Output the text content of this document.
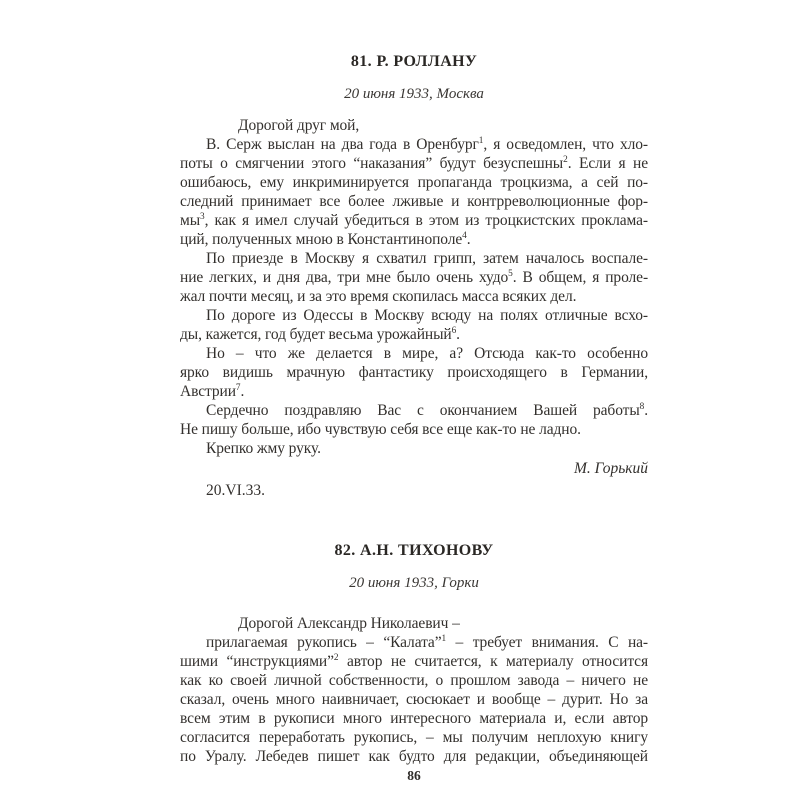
81. Р. РОЛЛАНУ
20 июня 1933, Москва
Дорогой друг мой,
В. Серж выслан на два года в Оренбург$^1$, я осведомлен, что хло-
поты о смягчении этого “наказания” будут безуспешны$^2$. Если я не
ошибаюсь, ему инкриминируется пропаганда троцкизма, а сей по-
следний принимает все более лживые и контрреволюционные фор-
$мы^3$, как я имел случай убедиться в этом из троцкистских проклама-
ций, полученных мною в Константинополе$^4$.
По приезде в Москву я схватил грипп, затем началось воспале-
ние легких, и дня два, три мне было очень худо$^5$. В общем, я проле-
жал почти месяц, и за это время скопилась масса всяких дел.
По дороге из Одессы в Москву всюду на полях отличные всхо-
ды, кажется, год будет весьма урожайный$^6$.
Но – что же делается в мире, а? Отсюда как-то особенно
ярко видишь мрачную фантастику происходящего в Германии,
Австрии$^7$.
Сердечно поздравляю Вас с окончанием Вашей работы$^8$.
Не пишу больше, ибо чувствую себя все еще как-то не ладно.
Крепко жму руку.
М. Горький
20.VI.33.
82. А.Н. ТИХОНОВУ
20 июня 1933, Горки
Дорогой Александр Николаевич –
прилагаемая рукопись – “Калата”$^1$ – требует внимания. С на-
шими “инструкциями”$^2$ автор не считается, к материалу относится
как ко своей личной собственности, о прошлом завода – ничего не
сказал, очень много наивничает, сюсюкает и вообще – дурит. Но за
всем этим в рукописи много интересного материала и, если автор
согласится переработать рукопись, – мы получим неплохую книгу
по Уралу. Лебедев пишет как будто для редакции, объединяющей
86
